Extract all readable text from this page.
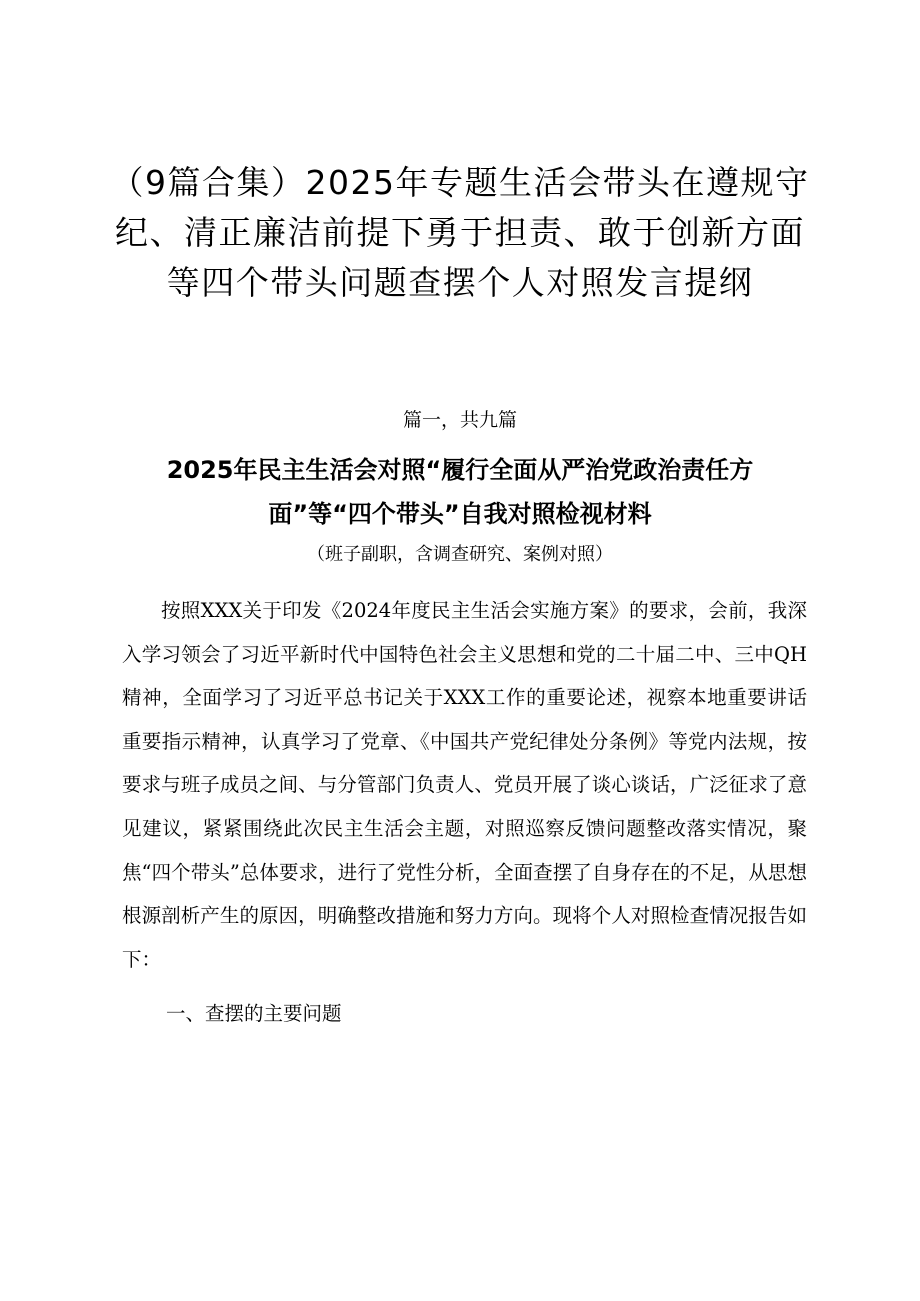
（9篇合集）2025年专题生活会带头在遵规守纪、清正廉洁前提下勇于担责、敢于创新方面等四个带头问题查摆个人对照发言提纲
篇一，共九篇
2025年民主生活会对照“履行全面从严治党政治责任方面”等“四个带头”自我对照检视材料
（班子副职，含调查研究、案例对照）

按照XXX关于印发《2024年度民主生活会实施方案》的要求，会前，我深入学习领会了习近平新时代中国特色社会主义思想和党的二十届二中、三中QH精神，全面学习了习近平总书记关于XXX工作的重要论述，视察本地重要讲话重要指示精神，认真学习了党章、《中国共产党纪律处分条例》等党内法规，按要求与班子成员之间、与分管部门负责人、党员开展了谈心谈话，广泛征求了意见建议，紧紧围绕此次民主生活会主题，对照巡察反馈问题整改落实情况，聚焦“四个带头”总体要求，进行了党性分析，全面查摆了自身存在的不足，从思想根源剖析产生的原因，明确整改措施和努力方向。现将个人对照检查情况报告如下：

一、查摆的主要问题
